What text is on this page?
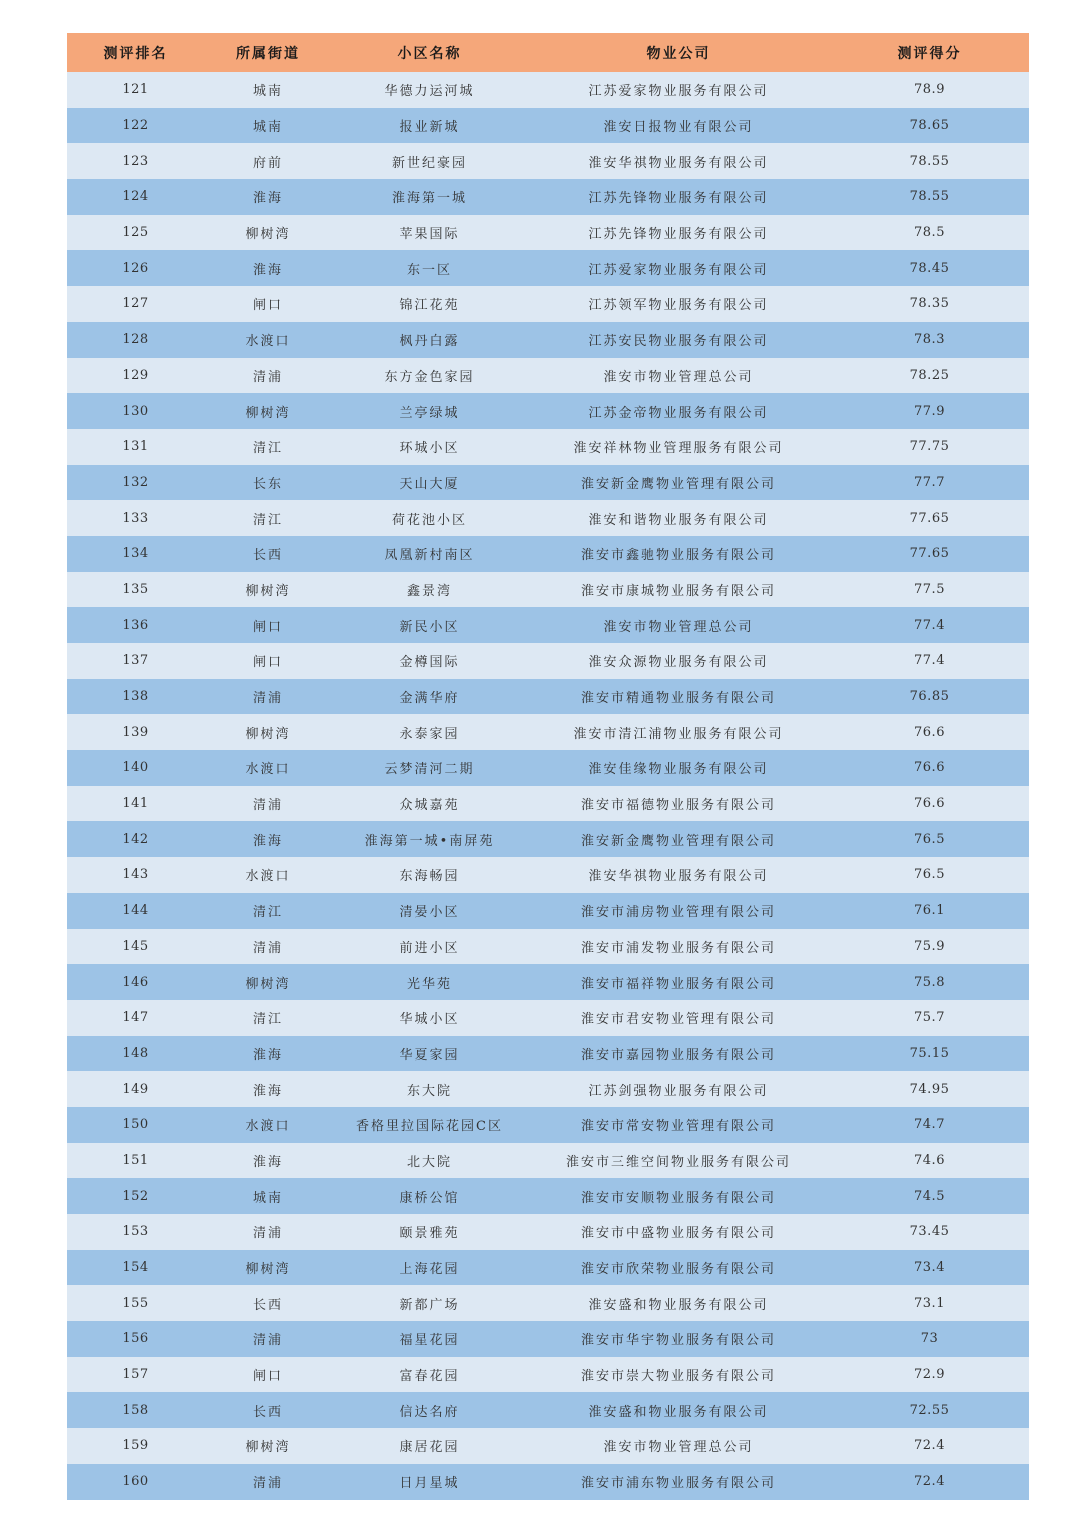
测评排名	所属街道	小区名称	物业公司	测评得分
121	城南	华德力运河城	江苏爱家物业服务有限公司	78.9
122	城南	报业新城	淮安日报物业有限公司	78.65
123	府前	新世纪豪园	淮安华祺物业服务有限公司	78.55
124	淮海	淮海第一城	江苏先锋物业服务有限公司	78.55
125	柳树湾	苹果国际	江苏先锋物业服务有限公司	78.5
126	淮海	东一区	江苏爱家物业服务有限公司	78.45
127	闸口	锦江花苑	江苏领军物业服务有限公司	78.35
128	水渡口	枫丹白露	江苏安民物业服务有限公司	78.3
129	清浦	东方金色家园	淮安市物业管理总公司	78.25
130	柳树湾	兰亭绿城	江苏金帝物业服务有限公司	77.9
131	清江	环城小区	淮安祥林物业管理服务有限公司	77.75
132	长东	天山大厦	淮安新金鹰物业管理有限公司	77.7
133	清江	荷花池小区	淮安和谐物业服务有限公司	77.65
134	长西	凤凰新村南区	淮安市鑫驰物业服务有限公司	77.65
135	柳树湾	鑫景湾	淮安市康城物业服务有限公司	77.5
136	闸口	新民小区	淮安市物业管理总公司	77.4
137	闸口	金樽国际	淮安众源物业服务有限公司	77.4
138	清浦	金满华府	淮安市精通物业服务有限公司	76.85
139	柳树湾	永泰家园	淮安市清江浦物业服务有限公司	76.6
140	水渡口	云梦清河二期	淮安佳缘物业服务有限公司	76.6
141	清浦	众城嘉苑	淮安市福德物业服务有限公司	76.6
142	淮海	淮海第一城•南屏苑	淮安新金鹰物业管理有限公司	76.5
143	水渡口	东海畅园	淮安华祺物业服务有限公司	76.5
144	清江	清晏小区	淮安市浦房物业管理有限公司	76.1
145	清浦	前进小区	淮安市浦发物业服务有限公司	75.9
146	柳树湾	光华苑	淮安市福祥物业服务有限公司	75.8
147	清江	华城小区	淮安市君安物业管理有限公司	75.7
148	淮海	华夏家园	淮安市嘉园物业服务有限公司	75.15
149	淮海	东大院	江苏剑强物业服务有限公司	74.95
150	水渡口	香格里拉国际花园C区	淮安市常安物业管理有限公司	74.7
151	淮海	北大院	淮安市三维空间物业服务有限公司	74.6
152	城南	康桥公馆	淮安市安顺物业服务有限公司	74.5
153	清浦	颐景雅苑	淮安市中盛物业服务有限公司	73.45
154	柳树湾	上海花园	淮安市欣荣物业服务有限公司	73.4
155	长西	新都广场	淮安盛和物业服务有限公司	73.1
156	清浦	福星花园	淮安市华宇物业服务有限公司	73
157	闸口	富春花园	淮安市崇大物业服务有限公司	72.9
158	长西	信达名府	淮安盛和物业服务有限公司	72.55
159	柳树湾	康居花园	淮安市物业管理总公司	72.4
160	清浦	日月星城	淮安市浦东物业服务有限公司	72.4
